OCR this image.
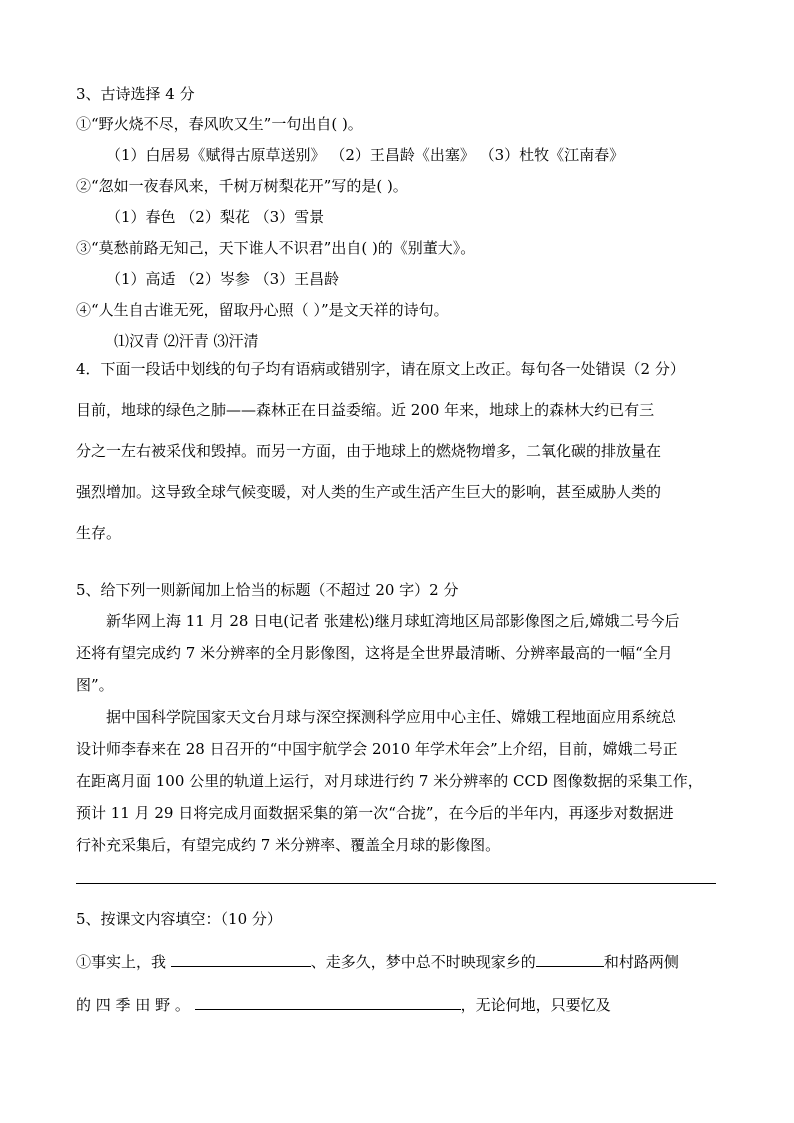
3、古诗选择 4 分
①“野火烧不尽，春风吹又生”一句出自( )。
（1）白居易《赋得古原草送别》 （2）王昌龄《出塞》 （3）杜牧《江南春》
②“忽如一夜春风来，千树万树梨花开”写的是( )。
（1）春色 （2）梨花 （3）雪景
③“莫愁前路无知己，天下谁人不识君”出自( )的《别董大》。
（1）高适 （2）岑参 （3）王昌龄
④“人生自古谁无死，留取丹心照（ ）”是文天祥的诗句。
⑴汉青 ⑵汗青 ⑶汗清
4．下面一段话中划线的句子均有语病或错别字，请在原文上改正。每句各一处错误（2 分）
目前，地球的绿色之肺——森林正在日益委缩。近 200 年来，地球上的森林大约已有三
分之一左右被采伐和毁掉。而另一方面，由于地球上的燃烧物增多，二氧化碳的排放量在
强烈增加。这导致全球气候变暖，对人类的生产或生活产生巨大的影响，甚至威胁人类的
生存。
5、给下列一则新闻加上恰当的标题（不超过 20 字）2 分
新华网上海 11 月 28 日电(记者 张建松)继月球虹湾地区局部影像图之后,嫦娥二号今后
还将有望完成约 7 米分辨率的全月影像图，这将是全世界最清晰、分辨率最高的一幅“全月
图”。
据中国科学院国家天文台月球与深空探测科学应用中心主任、嫦娥工程地面应用系统总
设计师李春来在 28 日召开的“中国宇航学会 2010 年学术年会”上介绍，目前，嫦娥二号正
在距离月面 100 公里的轨道上运行，对月球进行约 7 米分辨率的 CCD 图像数据的采集工作，
预计 11 月 29 日将完成月面数据采集的第一次“合拢”，在今后的半年内，再逐步对数据进
行补充采集后，有望完成约 7 米分辨率、覆盖全月球的影像图。
5、按课文内容填空：（10 分）
①事实上，我	、走多久，梦中总不时映现家乡的	和村路两侧
的 四 季 田 野 。	，无论何地，只要忆及
